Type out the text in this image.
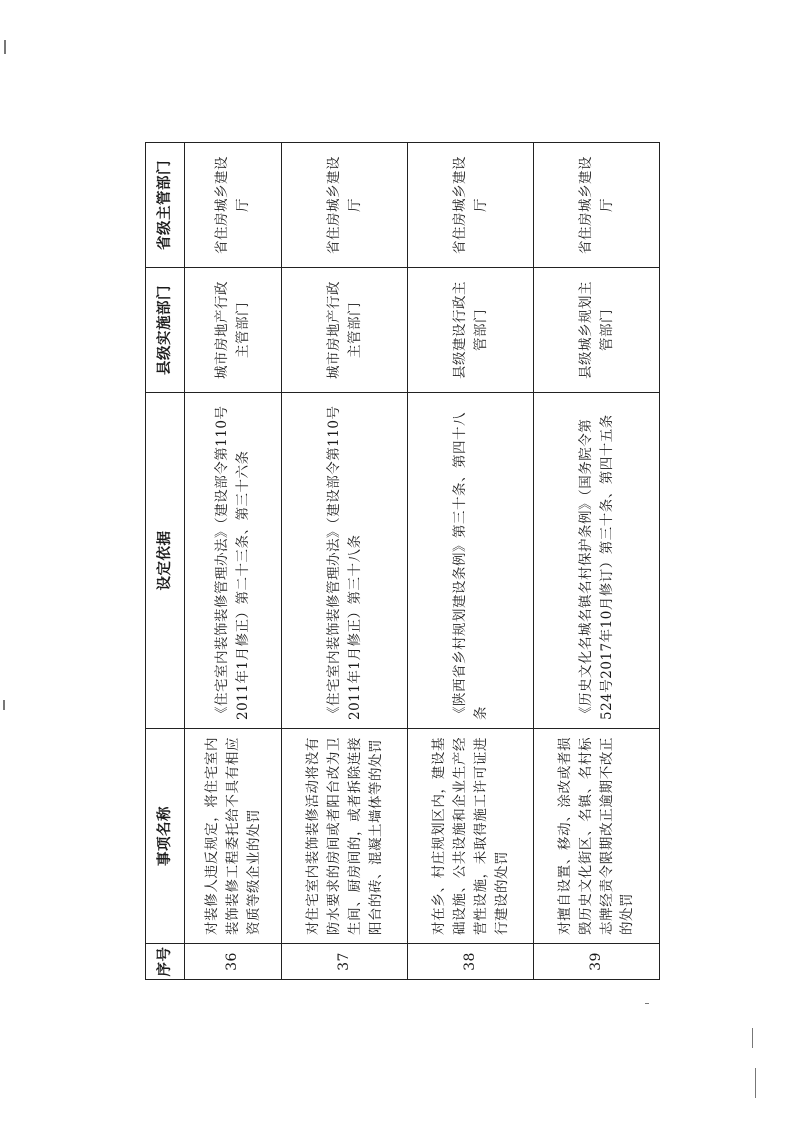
序号	事项名称	设定依据	县级实施部门	省级主管部门
36	对装修人违反规定，将住宅室内装饰装修工程委托给不具有相应资质等级企业的处罚	《住宅室内装饰装修管理办法》（建设部令第110号2011年1月修正）第二十三条、第三十六条	城市房地产行政主管部门	省住房城乡建设厅
37	对住宅室内装饰装修活动将没有防水要求的房间或者阳台改为卫生间、厨房间的，或者拆除连接阳台的砖、混凝土墙体等的处罚	《住宅室内装饰装修管理办法》（建设部令第110号2011年1月修正）第三十八条	城市房地产行政主管部门	省住房城乡建设厅
38	对在乡、村庄规划区内，建设基础设施、公共设施和企业生产经营性设施，未取得施工许可证进行建设的处罚	《陕西省乡村规划建设条例》第三十条、第四十八条	县级建设行政主管部门	省住房城乡建设厅
39	对擅自设置、移动、涂改或者损毁历史文化街区、名镇、名村标志牌经责令限期改正逾期不改正的处罚	《历史文化名城名镇名村保护条例》（国务院令第524号2017年10月修订）第三十条、第四十五条	县级城乡规划主管部门	省住房城乡建设厅
